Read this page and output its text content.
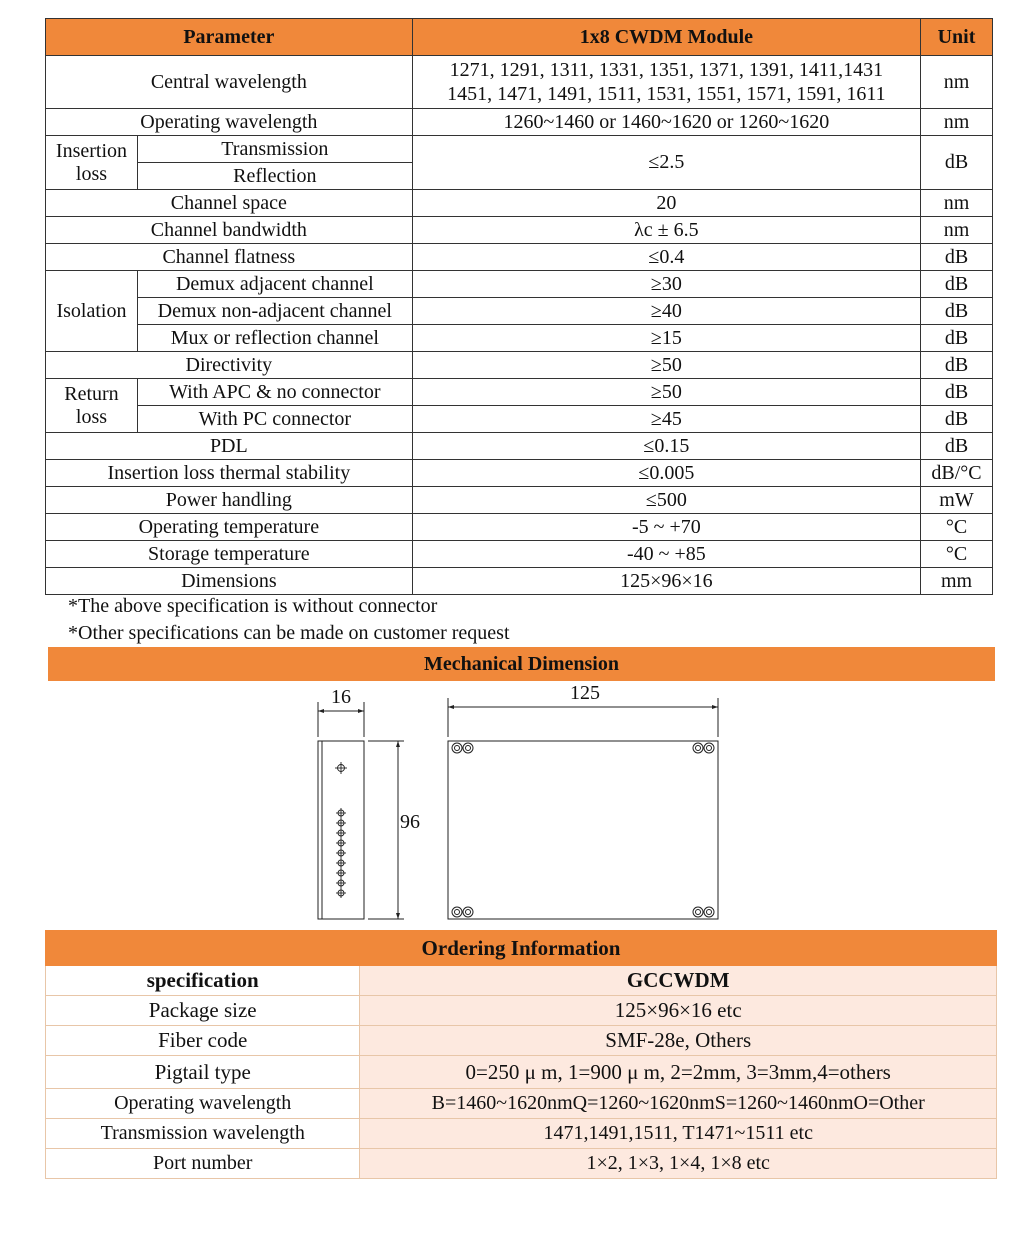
Parameter		1x8 CWDM Module	Unit
Central wavelength		1271, 1291, 1311, 1331, 1351, 1371, 1391, 1411,1431
1451, 1471, 1491, 1511, 1531, 1551, 1571, 1591, 1611	nm
Operating wavelength		1260~1460 or 1460~1620 or 1260~1620	nm

Insertion
loss	Transmission	≤2.5	dB
	Reflection		
Channel space		20	nm
Channel bandwidth		λc ± 6.5	nm
Channel flatness		≤0.4	dB
Isolation	Demux adjacent channel	≥30	dB
	Demux non-adjacent channel	≥40	dB
	Mux or reflection channel	≥15	dB
Directivity		≥50	dB

Return
loss	With APC & no connector	≥50	dB
	With PC connector	≥45	dB
PDL		≤0.15	dB
Insertion loss thermal stability		≤0.005	dB/°C
Power handling		≤500	mW
Operating temperature		-5 ~ +70	°C
Storage temperature		-40 ~ +85	°C
Dimensions		125×96×16	mm
*The above specification is without connector
*Other specifications can be made on customer request
Mechanical Dimension
16
96
125
Ordering Information	
specification	GCCWDM
Package size	125×96×16 etc
Fiber code	SMF-28e, Others
Pigtail type	0=250 μ m, 1=900 μ m, 2=2mm, 3=3mm,4=others
Operating wavelength	B=1460~1620nmQ=1260~1620nmS=1260~1460nmO=Other
Transmission wavelength	1471,1491,1511, T1471~1511 etc
Port number	1×2, 1×3, 1×4, 1×8 etc
